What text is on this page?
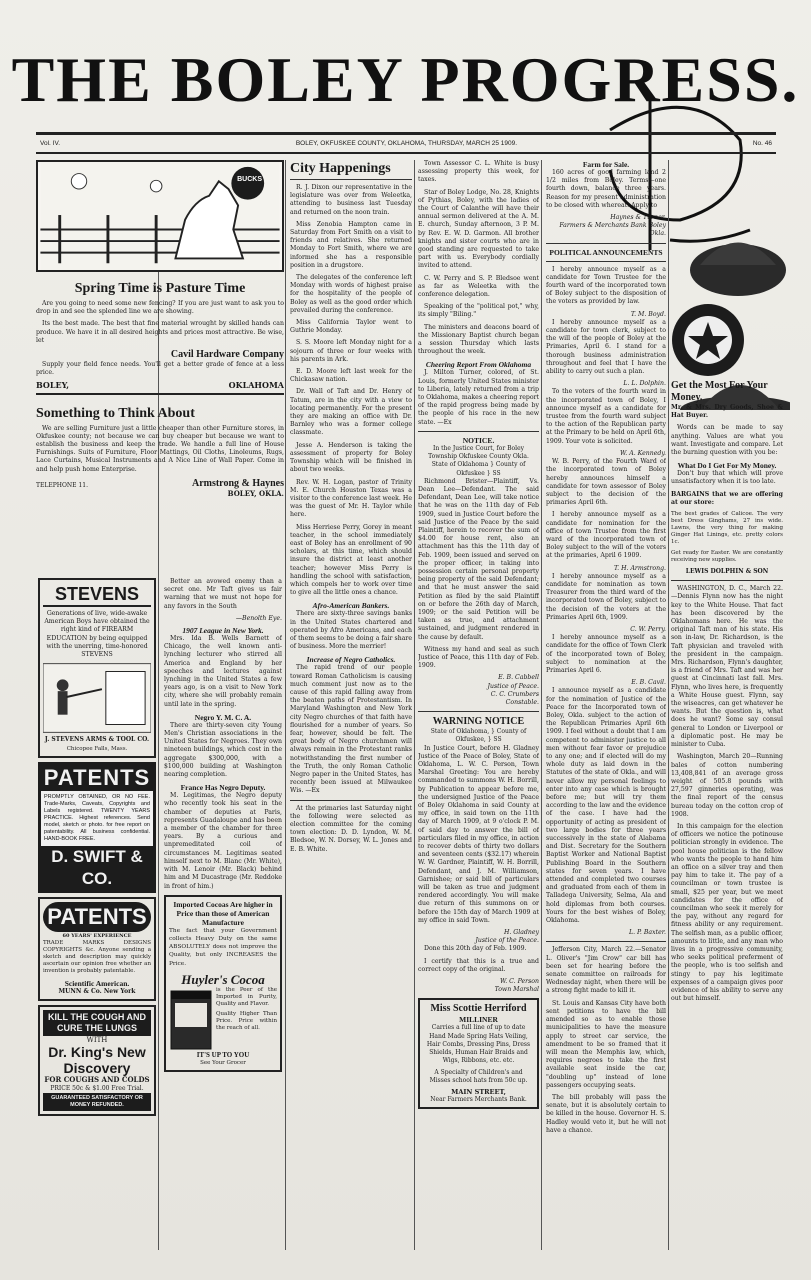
THE BOLEY PROGRESS.
Vol. IV.	BOLEY, OKFUSKEE COUNTY, OKLAHOMA, THURSDAY, MARCH 25 1909.	No. 46
BUCKS
Spring Time is Pasture Time
Are you going to need some new fencing? If you are just want to ask you to drop in and see the splended line we are showing.
Its the best made. The best that fine material wrought by skilled hands can produce. We have it in all desired heights and prices most attractive. Be wise, let
Cavil Hardware Company
Supply your field fence needs. You'll get a better grade of fence at a less price.
BOLEY,	OKLAHOMA
Something to Think About
We are selling Furniture just a little cheaper than other Furniture stores, in Okfuskee county; not because we can buy cheaper but because we want to establish the business and keep the trade. We handle a full line of House Furnishings. Suits of Furniture, Floor Mattings, Oil Cloths, Linoleums, Rugs, Lace Curtains, Musical Instruments and A Nice Line of Wall Paper. Come in and help push home Enterprise.
TELEPHONE 11.	Armstrong & Haynes
BOLEY, OKLA.
STEVENS
Generations of live, wide-awake American Boys have obtained the right kind of FIREARM EDUCATION by being equipped with the unerring, time-honored STEVENS
J. STEVENS ARMS & TOOL CO.
Chicopee Falls, Mass.
PATENTS
PROMPTLY OBTAINED, OR NO FEE. Trade-Marks, Caveats, Copyrights and Labels registered. TWENTY YEARS PRACTICE. Highest references. Send model, sketch or photo. for free report on patentability. All business confidential. HAND-BOOK FREE.
D. SWIFT & CO.
PATENTS
60 YEARS' EXPERIENCE
TRADE MARKS DESIGNS COPYRIGHTS &c. Anyone sending a sketch and description may quickly ascertain our opinion free whether an invention is probably patentable.
Scientific American.
MUNN & Co. New York
KILL THE COUGH AND CURE THE LUNGS
WITH
Dr. King's New Discovery
FOR COUGHS AND COLDS
PRICE 50c & $1.00 Free Trial.
GUARANTEED SATISFACTORY OR MONEY REFUNDED.
Better an avowed enemy than a secret one. Mr Taft gives us fair warning that we must not hope for any favors in the South
—Benolth Eye.
1907 League in New York.
Mrs. Ida B. Wells Barnett of Chicago, the well known anti-lynching lecturer who stirred all America and England by her speeches and lectures against lynching in the United States a few years ago, is on a visit to New York city, where she will probably remain until late in the spring.
Negro Y. M. C. A.
There are thirty-seven city Young Men's Christian associations in the United States for Negroes. They own nineteen buildings, which cost in the aggregate $300,000, with a $100,000 building at Washington nearing completion.
France Has Negro Deputy.
M. Legitimas, the Negro deputy who recently took his seat in the chamber of deputies at Paris, represents Guadaloupe and has been a member of the chamber for three years. By a curious and unpremeditated coil of circumstances M. Legitimas seated himself next to M. Blanc (Mr. White), with M. Lenoir (Mr. Black) behind him and M Ducastrage (Mr. Reddoke in front of him.)
Imported Cocoas Are higher in Price than those of American Manufacture
The fact that your Government collects Heavy Duty on the same ABSOLUTELY does not improve the Quality, but only INCREASES the Price.
Huyler's Cocoa
is the Peer of the Imported in Purity, Quality and Flavor.
Quality Higher Than Price. Price within the reach of all.
IT'S UP TO YOU
See Your Grocer
City Happenings
R. J. Dixon our representative in the legislature was over from Weleetka, attending to business last Tuesday and returned on the noon train.
Miss Zenobia Hampton came in Saturday from Fort Smith on a visit to friends and relatives. She returned Monday to Fort Smith, where we are informed she has a responsible position in a drugstore.
The delegates of the conference left Monday with words of highest praise for the hospitality of the people of Boley as well as the good order which prevailed during the conference.
Miss California Taylor went to Guthrie Monday.
S. S. Moore left Monday night for a sojourn of three or four weeks with his parents in Ark.
E. D. Moore left last week for the Chickasaw nation.
Dr. Wall of Taft and Dr. Henry of Tatum, are in the city with a view to locating permanently. For the present they are making an office with Dr. Barnley who was a former college classmate.
Jesse A. Henderson is taking the assessment of property for Boley Township which will be finished in about two weeks.
Rev. W. H. Logan, pastor of Trinity M. E. Church Houston Texas was a visitor to the conference last week. He was the guest of Mr. H. Taylor while here.
Miss Herriese Perry, Gorey in meant teacher, in the school immediately east of Boley has an enrollment of 90 scholars, at this time, which should insure the district at least another teacher; however Miss Perry is handling the school with satisfaction, which compels her to work over time to give all the little ones a chance.
Afro-American Bankers.
There are sixty-three savings banks in the United States chartered and operated by Afro Americans, and each of them seems to be doing a fair share of business. More the merrier!
Increase of Negro Catholics.
The rapid trend of our people toward Roman Catholicism is causing much comment just now as to the cause of this rapid falling away from the beaten paths of Protestantism. In Maryland Washington and New York city Negro churches of that faith have flourished for a number of years. So fear, however, should be felt. The great body of Negro churchmen will always remain in the Protestant ranks notwithstanding the first number of the Truth, the only Roman Catholic Negro paper in the United States, has recently been issued at Milwaukee Wis. —Ex
At the primaries last Saturday night the following were selected as election committee for the coming town election: D. D. Lyndon, W. M. Bledsoe, W. N. Dorsey, W. L. Jones and E. B. White.
Town Assessor C. L. White is busy assessing property this week, for taxes.
Star of Boley Lodge, No. 28, Knights of Pythias, Boley, with the ladies of the Court of Calanthe will have their annual sermon delivered at the A. M. E. church, Sunday afternoon, 3 P. M. by Rev. E. W. D. Garmon. All brother knights and sister courts who are in good standing are requested to take part with us. Everybody cordially invited to attend.
C. W. Perry and S. P. Bledsoe went as far as Weleetka with the conference delegation.
Speaking of the "political pot," why, its simply "Biling."
The ministers and deacons board of the Missionary Baptist church began a session Thursday which lasts throughout the week.
Cheering Report From Oklahoma
J. Milton Turner, colored, of St. Louis, formerly United States minister to Liberia, lately returned from a trip to Oklahoma, makes a cheering report of the rapid progress being made by the people of his race in the new state. —Ex
NOTICE.
In the Justice Court, for Boley Township Okfuskee County Okla.
State of Oklahoma } County of Okfuskee } SS
Richmond Brister—Plaintiff, Vs. Dean Lee—Defendant. The said Defendant, Dean Lee, will take notice that he was on the 11th day of Feb 1909, sued in Justice Court before the said Justice of the Peace by the said Plaintiff, herein to recover the sum of $4.00 for house rent, also an attachment has this the 11th day of Feb. 1909, been issued and served on the proper officer, in taking into possession certain personal property being property of the said Defendant; and that he must answer the said Petition as filed by the said Plaintiff on or before the 26th day of March, 1909; or the said Petition will be taken as true, and attachment sustained, and judgment rendered in the cause by default.
Witness my hand and seal as such Justice of Peace, this 11th day of Feb. 1909.
E. B. Cabbell
Justice of Peace.
C. C. Crumbers
Constable.
WARNING NOTICE
State of Oklahoma, } County of Okfuskee, } SS
In Justice Court, before H. Gladney Justice of the Peace of Boley, State of Oklahoma, L. W. C. Person, Town Marshal Greeting: You are hereby commanded to summons W. H. Borrill, by Publication to appear before me, the undersigned Justice of the Peace of Boley Oklahoma in said County at my office, in said town on the 11th day of March 1909, at 9 o'clock P. M. of said day to answer the bill of particulars filed in my office, in action to recover debts of thirty two dollars and seventeen cents ($32.17) wherein W. W. Gardner, Plaintiff, W. H. Borrill, Defendant, and J. M. Williamson, Garnishee; or said bill of particulars will be taken as true and judgment rendered accordingly. You will make due return of this summons on or before the 15th day of March 1909 at my office in said Town.
H. Gladney
Justice of the Peace.
Done this 20th day of Feb. 1909.
I certify that this is a true and correct copy of the original.
W. C. Person
Town Marshal
Miss Scottie Herriford
MILLINER
Carries a full line of up to date Hand Made Spring Hats Veiling, Hair Combs, Dressing Pins, Dress Shields, Human Hair Braids and Wigs, Ribbons, etc. etc.
A Specialty of Children's and Misses school hats from 50c up.
MAIN STREET,
Near Farmers Merchants Bank.
Farm for Sale.
160 acres of good farming land 2 1/2 miles from Boley. Terms—one fourth down, balance three years. Reason for my present administration to be closed with whereat. Apply to
Haynes & Turner.
Farmers & Merchants Bank Boley Okla.
POLITICAL ANNOUNCEMENTS
I hereby announce myself as a candidate for Town Trustee for the fourth ward of the incorporated town of Boley subject to the disposition of the voters as provided by law.
T. M. Boyd.
I hereby announce myself as a candidate for town clerk, subject to the will of the people of Boley at the Primaries, April 6. I stand for a thorough business administration throughout and feel that I have the ability to carry out such a plan.
L. L. Dolphin.
To the voters of the fourth ward in the incorporated town of Boley, I announce myself as a candidate for trustee from the fourth ward subject to the action of the Republican party at the Primary to be held on April 6th, 1909. Your vote is solicited.
W. A. Kennedy.
W. B. Perry, of the Fourth Ward of the incorporated town of Boley hereby announces himself a candidate for town assessor of Boley subject to the decision of the primaries April 6th.
I hereby announce myself as a candidate for nomination for the office of town Trustee from the first ward of the incorporated town of Boley subject to the will of the voters at the primaries, April 6 1909.
T. H. Armstrong.
I hereby announce myself as a candidate for nomination as town Treasurer from the third ward of the incorporated town of Boley, subject to the decision of the voters at the Primaries April 6th, 1909.
C. W. Perry.
I hereby announce myself as a candidate for the office of Town Clerk of the incorporated town of Boley, subject to nomination at the Primaries April 6.
E. B. Cavil.
I announce myself as a candidate for the nomination of Justice of the Peace for the Incorporated town of Boley, Okla. subject to the action of the Republican Primaries April 6th 1909. I feel without a doubt that I am competent to administer justice to all men without fear favor or prejudice to any one; and if elected will do my whole duty as laid down in the Statutes of the state of Okla., and will never allow my personal feelings to enter into any case which is brought before me; but will try them according to the law and the evidence of the case. I have had the opportunity of acting as president of two large bodies for three years successively in the state of Alabama and Dist. Secretary for the Southern Baptist Worker and National Baptist Publishing Board in the Southern states for seven years. I have attended and completed two courses and graduated from each of them in Talladega University, Selma, Ala and hold diplomas from both courses. Yours for the best wishes of Boley, Oklahoma.
L. P. Baxter.
Jefferson City, March 22.—Senator L. Oliver's "Jim Crow" car bill has been set for hearing before the senate committee on railroads for Wednesday night, when there will be a strong fight made to kill it.
St. Louis and Kansas City have both sent petitions to have the bill amended so as to enable those municipalities to have the measure apply to street car service, the amendment to be so framed that it will mean the Memphis law, which, requires negroes to take the first available seat inside the car, "doubling up" instead of lone passengers occupying seats.
The bill probably will pass the senate, but it is absolutely certain to be killed in the house. Governor H. S. Hadley would veto it, but he will not have a chance.
Get the Most For Your Money.
Mr. & Mrs. Dry Goods, Shoe & Hat Buyer.
Words can be made to say anything. Values are what you want. Investigate and compare. Let the burning question with you be:
What Do I Get For My Money.
Don't buy that which will prove unsatisfactory when it is too late.
BARGAINS that we are offering at our store:
The best grades of Calicoe. The very best Dress Ginghams, 27 ins wide. Lawns, the very thing for making Ginger Hat Linings, etc. pretty colors 1c.
Get ready for Easter. We are constantly receiving new supplies.
LEWIS DOLPHIN & SON
WASHINGTON, D. C., March 22.—Dennis Flynn now has the night key to the White House. That fact has been discovered by the Oklahomans here. He was the original Taft man of his state. His son in-law, Dr. Richardson, is the Taft physician and traveled with the president in the campaign. Mrs. Richardson, Flynn's daughter, is a friend of Mrs. Taft and was her guest at Cincinnati last fall. Mrs. Flynn, who lives here, is frequently a White House guest. Flynn, say the wiseacres, can get whatever he wants. But the question is, what does he want? Some say consul general to London or Liverpool or a diplomatic post. He may be minister to Cuba.
Washington, March 20—Running bales of cotton numbering 13,408,841 of an average gross weight of 505.8 pounds with 27,597 ginneries operating, was the final report of the census bureau today on the cotton crop of 1908.
In this campaign for the election of officers we notice the potinouse politician strongly in evidence. The pool house politician is the fellow who wants the people to hand him an office on a silver tray and then pay him to take it. The pay of a councilman or town trustee is small, $25 per year, but we meet candidates for the office of councilman who seek it merely for the pay, without any regard for fitness ability or any requirement. The selfish man, as a public officer, amounts to little, and any man who lives in a progressive community, who seeks political preferment of the people, who is too selfish and stingy to pay his legitimate expenses of a campaign gives poor evidence of his ability to serve any out but himself.
